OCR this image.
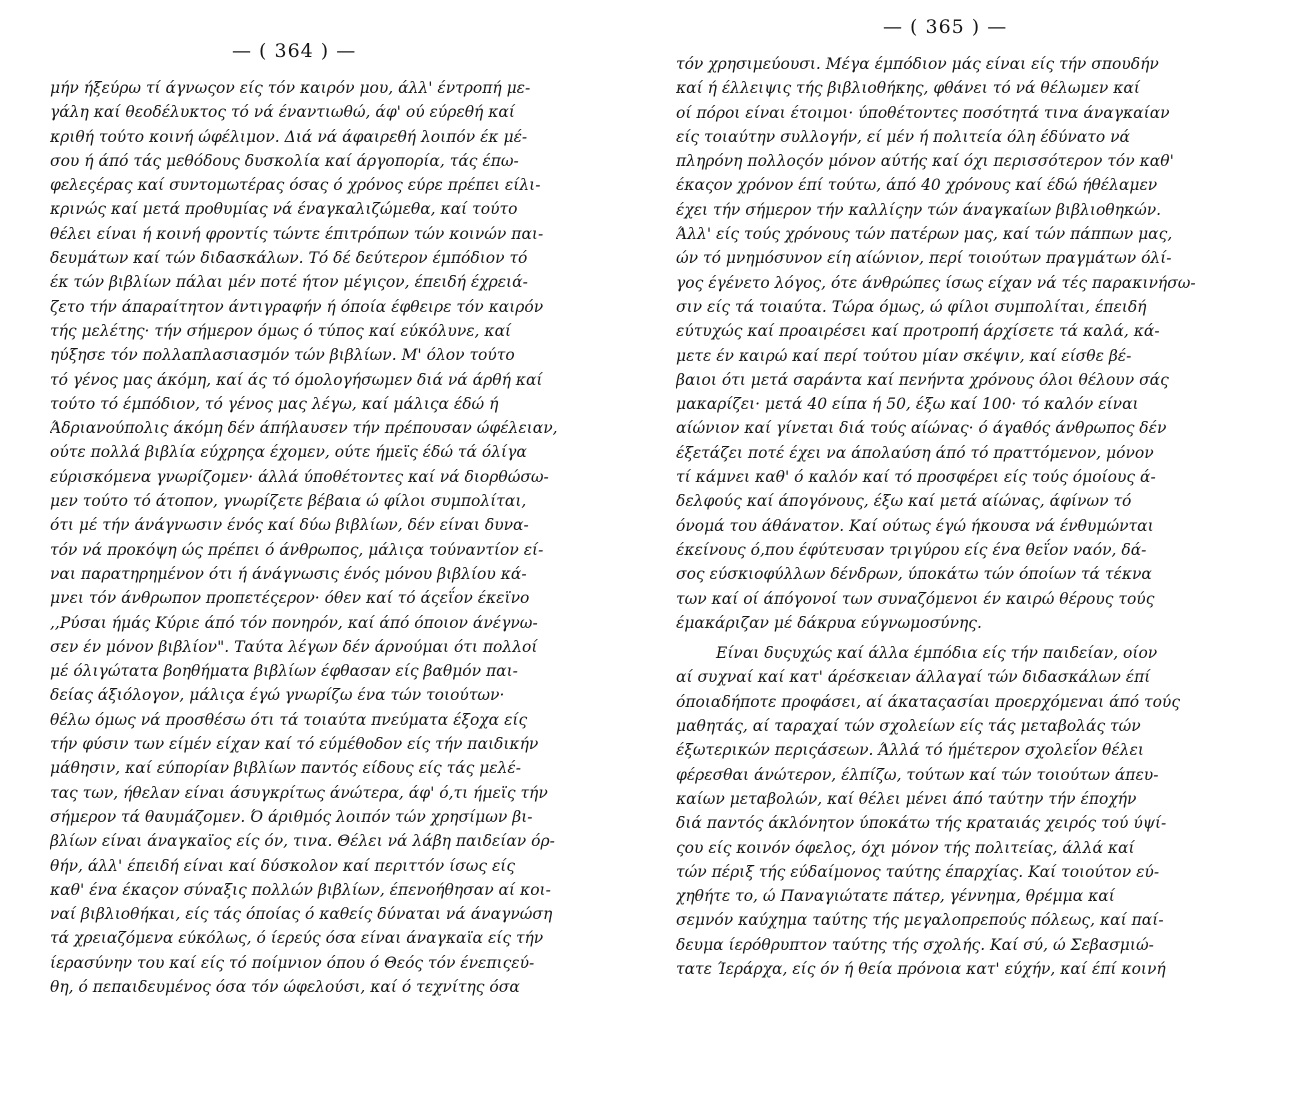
— ( 364 ) —
μήν ήξεύρω τί άγνωςον είς τόν καιρόν μου, άλλ' έντροπή με-
γάλη καί θεοδέλυκτος τό νά έναντιωθώ, άφ' ού εύρεθή καί
κριθή τούτο κοινή ώφέλιμον. Διά νά άφαιρεθή λοιπόν έκ μέ-
σου ή άπό τάς μεθόδους δυσκολία καί άργοπορία, τάς έπω-
φελεςέρας καί συντομωτέρας όσας ό χρόνος εύρε πρέπει είλι-
κρινώς καί μετά προθυμίας νά έναγκαλιζώμεθα, καί τούτο
θέλει είναι ή κοινή φροντίς τώντε έπιτρόπων τών κοινών παι-
δευμάτων καί τών διδασκάλων. Τό δέ δεύτερον έμπόδιον τό
έκ τών βιβλίων πάλαι μέν ποτέ ήτον μέγιςον, έπειδή έχρειά-
ζετο τήν άπαραίτητον άντιγραφήν ή όποία έφθειρε τόν καιρόν
τής μελέτης· τήν σήμερον όμως ό τύπος καί εύκόλυνε, καί
ηύξησε τόν πολλαπλασιασμόν τών βιβλίων. Μ' όλον τούτο
τό γένος μας άκόμη, καί άς τό όμολογήσωμεν διά νά άρθή καί
τούτο τό έμπόδιον, τό γένος μας λέγω, καί μάλιςα έδώ ή
Άδριανούπολις άκόμη δέν άπήλαυσεν τήν πρέπουσαν ώφέλειαν,
ούτε πολλά βιβλία εύχρηςα έχομεν, ούτε ήμεϊς έδώ τά όλίγα
εύρισκόμενα γνωρίζομεν· άλλά ύποθέτοντες καί νά διορθώσω-
μεν τούτο τό άτοπον, γνωρίζετε βέβαια ώ φίλοι συμπολίται,
ότι μέ τήν άνάγνωσιν ένός καί δύω βιβλίων, δέν είναι δυνα-
τόν νά προκόψη ώς πρέπει ό άνθρωπος, μάλιςα τούναντίον εί-
ναι παρατηρημένον ότι ή άνάγνωσις ένός μόνου βιβλίου κά-
μνει τόν άνθρωπον προπετέςερον· όθεν καί τό άςεΐον έκεϊνο
,,Ρύσαι ήμάς Κύριε άπό τόν πονηρόν, καί άπό όποιον άνέγνω-
σεν έν μόνον βιβλίον". Ταύτα λέγων δέν άρνούμαι ότι πολλοί
μέ όλιγώτατα βοηθήματα βιβλίων έφθασαν είς βαθμόν παι-
δείας άξιόλογον, μάλιςα έγώ γνωρίζω ένα τών τοιούτων·
θέλω όμως νά προσθέσω ότι τά τοιαύτα πνεύματα έξοχα είς
τήν φύσιν των είμέν είχαν καί τό εύμέθοδον είς τήν παιδικήν
μάθησιν, καί εύπορίαν βιβλίων παντός είδους είς τάς μελέ-
τας των, ήθελαν είναι άσυγκρίτως άνώτερα, άφ' ό,τι ήμεϊς τήν
σήμερον τά θαυμάζομεν. Ό άριθμός λοιπόν τών χρησίμων βι-
βλίων είναι άναγκαϊος είς όν, τινα. Θέλει νά λάβη παιδείαν όρ-
θήν, άλλ' έπειδή είναι καί δύσκολον καί περιττόν ίσως είς
καθ' ένα έκαςον σύναξις πολλών βιβλίων, έπενοήθησαν αί κοι-
ναί βιβλιοθήκαι, είς τάς όποίας ό καθείς δύναται νά άναγνώση
τά χρειαζόμενα εύκόλως, ό ίερεύς όσα είναι άναγκαϊα είς τήν
ίερασύνην του καί είς τό ποίμνιον όπου ό Θεός τόν ένεπιςεύ-
θη, ό πεπαιδευμένος όσα τόν ώφελούσι, καί ό τεχνίτης όσα
— ( 365 ) —
τόν χρησιμεύουσι. Μέγα έμπόδιον μάς είναι είς τήν σπουδήν
καί ή έλλειψις τής βιβλιοθήκης, φθάνει τό νά θέλωμεν καί
οί πόροι είναι έτοιμοι· ύποθέτοντες ποσότητά τινα άναγκαίαν
είς τοιαύτην συλλογήν, εί μέν ή πολιτεία όλη έδύνατο νά
πληρόνη πολλοςόν μόνον αύτής καί όχι περισσότερον τόν καθ'
έκαςον χρόνον έπί τούτω, άπό 40 χρόνους καί έδώ ήθέλαμεν
έχει τήν σήμερον τήν καλλίςην τών άναγκαίων βιβλιοθηκών.
Άλλ' είς τούς χρόνους τών πατέρων μας, καί τών πάππων μας,
ών τό μνημόσυνον είη αίώνιον, περί τοιούτων πραγμάτων όλί-
γος έγένετο λόγος, ότε άνθρώπες ίσως είχαν νά τές παρακινήσω-
σιν είς τά τοιαύτα. Τώρα όμως, ώ φίλοι συμπολίται, έπειδή
εύτυχώς καί προαιρέσει καί προτροπή άρχίσετε τά καλά, κά-
μετε έν καιρώ καί περί τούτου μίαν σκέψιν, καί είσθε βέ-
βαιοι ότι μετά σαράντα καί πενήντα χρόνους όλοι θέλουν σάς
μακαρίζει· μετά 40 είπα ή 50, έξω καί 100· τό καλόν είναι
αίώνιον καί γίνεται διά τούς αίώνας· ό άγαθός άνθρωπος δέν
έξετάζει ποτέ έχει να άπολαύση άπό τό πραττόμενον, μόνον
τί κάμνει καθ' ό καλόν καί τό προσφέρει είς τούς όμοίους ά-
δελφούς καί άπογόνους, έξω καί μετά αίώνας, άφίνων τό
όνομά του άθάνατον. Καί ούτως έγώ ήκουσα νά ένθυμώνται
έκείνους ό,που έφύτευσαν τριγύρου είς ένα θεΐον ναόν, δά-
σος εύσκιοφύλλων δένδρων, ύποκάτω τών όποίων τά τέκνα
των καί οί άπόγονοί των συναζόμενοι έν καιρώ θέρους τούς
έμακάριζαν μέ δάκρυα εύγνωμοσύνης.
Είναι δυςυχώς καί άλλα έμπόδια είς τήν παιδείαν, οίον
αί συχναί καί κατ' άρέσκειαν άλλαγαί τών διδασκάλων έπί
όποιαδήποτε προφάσει, αί άκαταςασίαι προερχόμεναι άπό τούς
μαθητάς, αί ταραχαί τών σχολείων είς τάς μεταβολάς τών
έξωτερικών περιςάσεων. Άλλά τό ήμέτερον σχολεΐον θέλει
φέρεσθαι άνώτερον, έλπίζω, τούτων καί τών τοιούτων άπευ-
καίων μεταβολών, καί θέλει μένει άπό ταύτην τήν έποχήν
διά παντός άκλόνητον ύποκάτω τής κραταιάς χειρός τού ύψί-
ςου είς κοινόν όφελος, όχι μόνον τής πολιτείας, άλλά καί
τών πέριξ τής εύδαίμονος ταύτης έπαρχίας. Καί τοιούτον εύ-
χηθήτε το, ώ Παναγιώτατε πάτερ, γέννημα, θρέμμα καί
σεμνόν καύχημα ταύτης τής μεγαλοπρεπούς πόλεως, καί παί-
δευμα ίερόθρυπτον ταύτης τής σχολής. Καί σύ, ώ Σεβασμιώ-
τατε Ίεράρχα, είς όν ή θεία πρόνοια κατ' εύχήν, καί έπί κοινή
